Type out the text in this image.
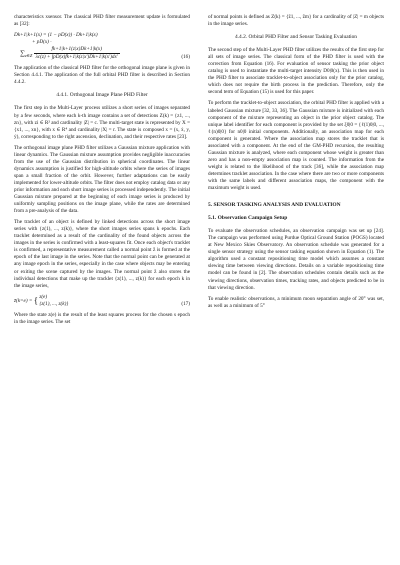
characteristics xsensor. The classical PHD filter measurement update is formulated as [32]:

Dk+1|k+1(x) = (1 − pD(x)) · Dk+1|k(x)
+ pD(x) ·
$\sum_{z\in Z} \frac{fk+1|k+1(z|x)Dk+1|k(x)}{\lambda c(z) + \int pD(x)fk+1|k(z|x')Dk+1|k(x')dx'}$	(16)

The application of the classical PHD filter for the orthogonal image plane is given in Section 4.4.1. The application of the full orbital PHD filter is described in Section 4.4.2.

4.4.1. Orthogonal Image Plane PHD Filter

The first step in the Multi-Layer process utilizes a short series of images separated by a few seconds, where each k-th image contains a set of detections Z(k) = {z1, ..., zn}, with zi ∈ R² and cardinality |Z| = c. The multi-target state is represented by X = {x1, ..., xn}, with x ∈ R⁴ and cardinality |X| = r. The state is composed x = (x, ẋ, y, ẏ), corresponding to the right ascension, declination, and their respective rates [23].

The orthogonal image plane PHD filter utilizes a Gaussian mixture application with linear dynamics. The Gaussian mixture assumption provides negligible inaccuracies from the use of the Gaussian distribution in spherical coordinates. The linear dynamics assumption is justified for high-altitude orbits where the series of images span a small fraction of the orbit. However, further adaptations can be easily implemented for lower-altitude orbits. The filter does not employ catalog data or any prior information and each short image series is processed independently. The initial Gaussian mixture prepared at the beginning of each image series is produced by uniformly sampling positions on the image plane, while the rates are determined from a pre-analysis of the data.

The tracklet of an object is defined by linked detections across the short image series with {z(1), ..., z(k)}, where the short images series spans k epochs. Each tracklet determined as a result of the cardinality of the found objects across the images in the series is confirmed with a least-squares fit. Once each object's tracklet is confirmed, a representative measurement called a normal point z̄ is formed at the epoch of the last image in the series. Note that the normal point can be generated at any image epoch in the series, especially in the case where objects may be entering or exiting the scene captured by the images. The normal point z̄ also stores the individual detections that make up the tracklet {z(1), ..., z(k)} for each epoch k in the image series,

z̄(k=e) = { z(e)
{z(1), ..., z(k)}	(17)

Where the state z(e) is the result of the least squares process for the chosen s epoch in the image series. The set

of normal points is defined as Z(k) = {z̄1, ..., z̄m} for a cardinality of |Z| = m objects in the image series.

4.4.2. Orbital PHD Filter and Sensor Tasking Evaluation

The second step of the Multi-Layer PHD filter utilizes the results of the first step for all sets of image series. The classical form of the PHD filter is used with the correction from Equation (16). For evaluation of sensor tasking the prior object catalog is used to instantiate the multi-target intensity D0|0(x). This is then used in the PHD filter to associate tracklet-to-object association only for the prior catalog, which does not require the birth process in the prediction. Therefore, only the second term of Equation (15) is used for this paper.

To perform the tracklet-to-object association, the orbital PHD filter is applied with a labeled Gaussian mixture [32, 33, 36]. The Gaussian mixture is initialized with each component of the mixture representing an object in the prior object catalog. The unique label identifier for each component is provided by the set ξ0|0 = {ℓ(1)0|0, ..., ℓ(n)0|0} for n0|0 initial components. Additionally, an association map for each component is generated. Where the association map stores the tracklet that is associated with a component. At the end of the GM-PHD recursion, the resulting Gaussian mixture is analyzed, where each component whose weight is greater than zero and has a non-empty association map is counted. The information from the weight is related to the likelihood of the track [36], while the association map determines tracklet association. In the case where there are two or more components with the same labels and different association maps, the component with the maximum weight is used.

5. SENSOR TASKING ANALYSIS AND EVALUATION
5.1. Observation Campaign Setup

To evaluate the observation schedules, an observation campaign was set up [24]. The campaign was performed using Purdue Optical Ground Station (POGS) located at New Mexico Skies Observatory. An observation schedule was generated for a single sensor strategy using the sensor tasking equation shown in Equation (1). The algorithm used a constant repositioning time model which assumes a constant slewing time between viewing directions. Details on a variable repositioning time model can be found in [2]. The observation schedules contain details such as the viewing directions, observation times, tracking rates, and objects predicted to be in that viewing direction.

To enable realistic observations, a minimum moon separation angle of 20° was set, as well as a minimum of 5°
